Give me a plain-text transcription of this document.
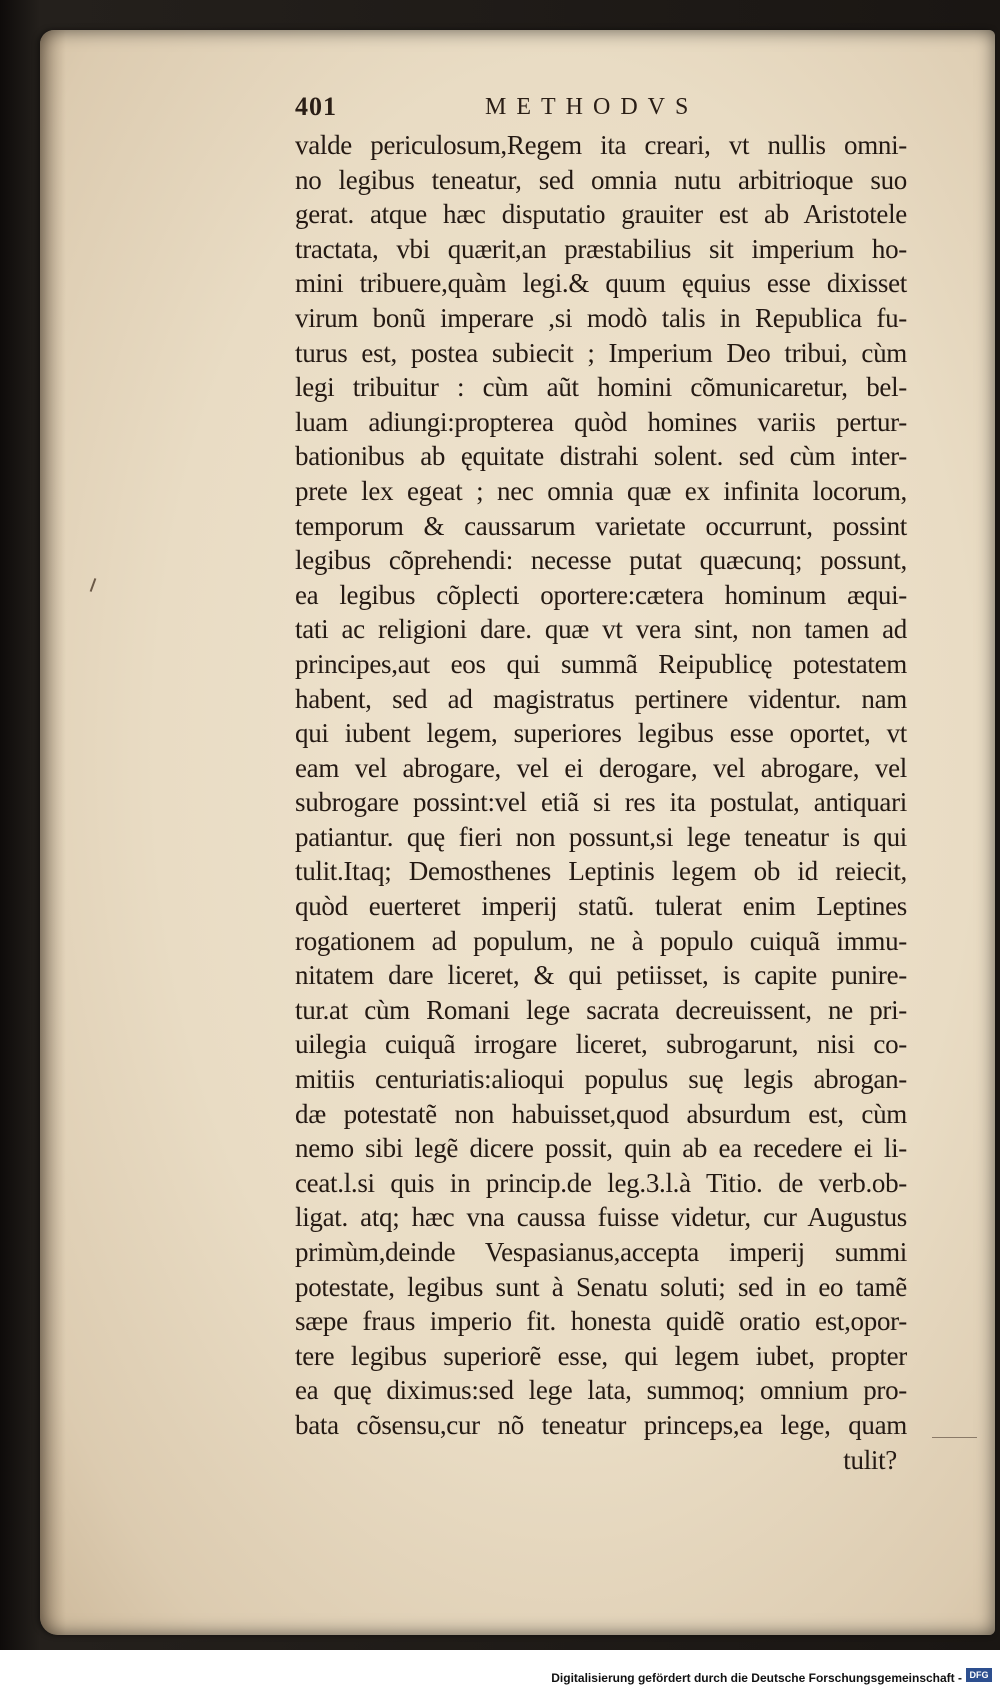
401	METHODVS
valde periculosum,Regem ita creari, vt nullis omni-
no legibus teneatur, sed omnia nutu arbitrioque suo
gerat. atque hæc disputatio grauiter est ab Aristotele
tractata, vbi quærit,an præstabilius sit imperium ho-
mini tribuere,quàm legi.& quum ęquius esse dixisset
virum bonũ imperare ,si modò talis in Republica fu-
turus est, postea subiecit ; Imperium Deo tribui, cùm
legi tribuitur : cùm aũt homini cõmunicaretur, bel-
luam adiungi:propterea quòd homines variis pertur-
bationibus ab ęquitate distrahi solent. sed cùm inter-
prete lex egeat ; nec omnia quæ ex infinita locorum,
temporum & caussarum varietate occurrunt, possint
legibus cõprehendi: necesse putat quæcunq; possunt,
ea legibus cõplecti oportere:cætera hominum æqui-
tati ac religioni dare. quæ vt vera sint, non tamen ad
principes,aut eos qui summã Reipublicę potestatem
habent, sed ad magistratus pertinere videntur. nam
qui iubent legem, superiores legibus esse oportet, vt
eam vel abrogare, vel ei derogare, vel abrogare, vel
subrogare possint:vel etiã si res ita postulat, antiquari
patiantur. quę fieri non possunt,si lege teneatur is qui
tulit.Itaq; Demosthenes Leptinis legem ob id reiecit,
quòd euerteret imperij statũ. tulerat enim Leptines
rogationem ad populum, ne à populo cuiquã immu-
nitatem dare liceret, & qui petiisset, is capite punire-
tur.at cùm Romani lege sacrata decreuissent, ne pri-
uilegia cuiquã irrogare liceret, subrogarunt, nisi co-
mitiis centuriatis:alioqui populus suę legis abrogan-
dæ potestatẽ non habuisset,quod absurdum est, cùm
nemo sibi legẽ dicere possit, quin ab ea recedere ei li-
ceat.l.si quis in princip.de leg.3.l.à Titio. de verb.ob-
ligat. atq; hæc vna caussa fuisse videtur, cur Augustus
primùm,deinde Vespasianus,accepta imperij summi
potestate, legibus sunt à Senatu soluti; sed in eo tamẽ
sæpe fraus imperio fit. honesta quidẽ oratio est,opor-
tere legibus superiorẽ esse, qui legem iubet, propter
ea quę diximus:sed lege lata, summoq; omnium pro-
bata cõsensu,cur nõ teneatur princeps,ea lege, quam
tulit?
Digitalisierung gefördert durch die Deutsche Forschungsgemeinschaft - DFG
